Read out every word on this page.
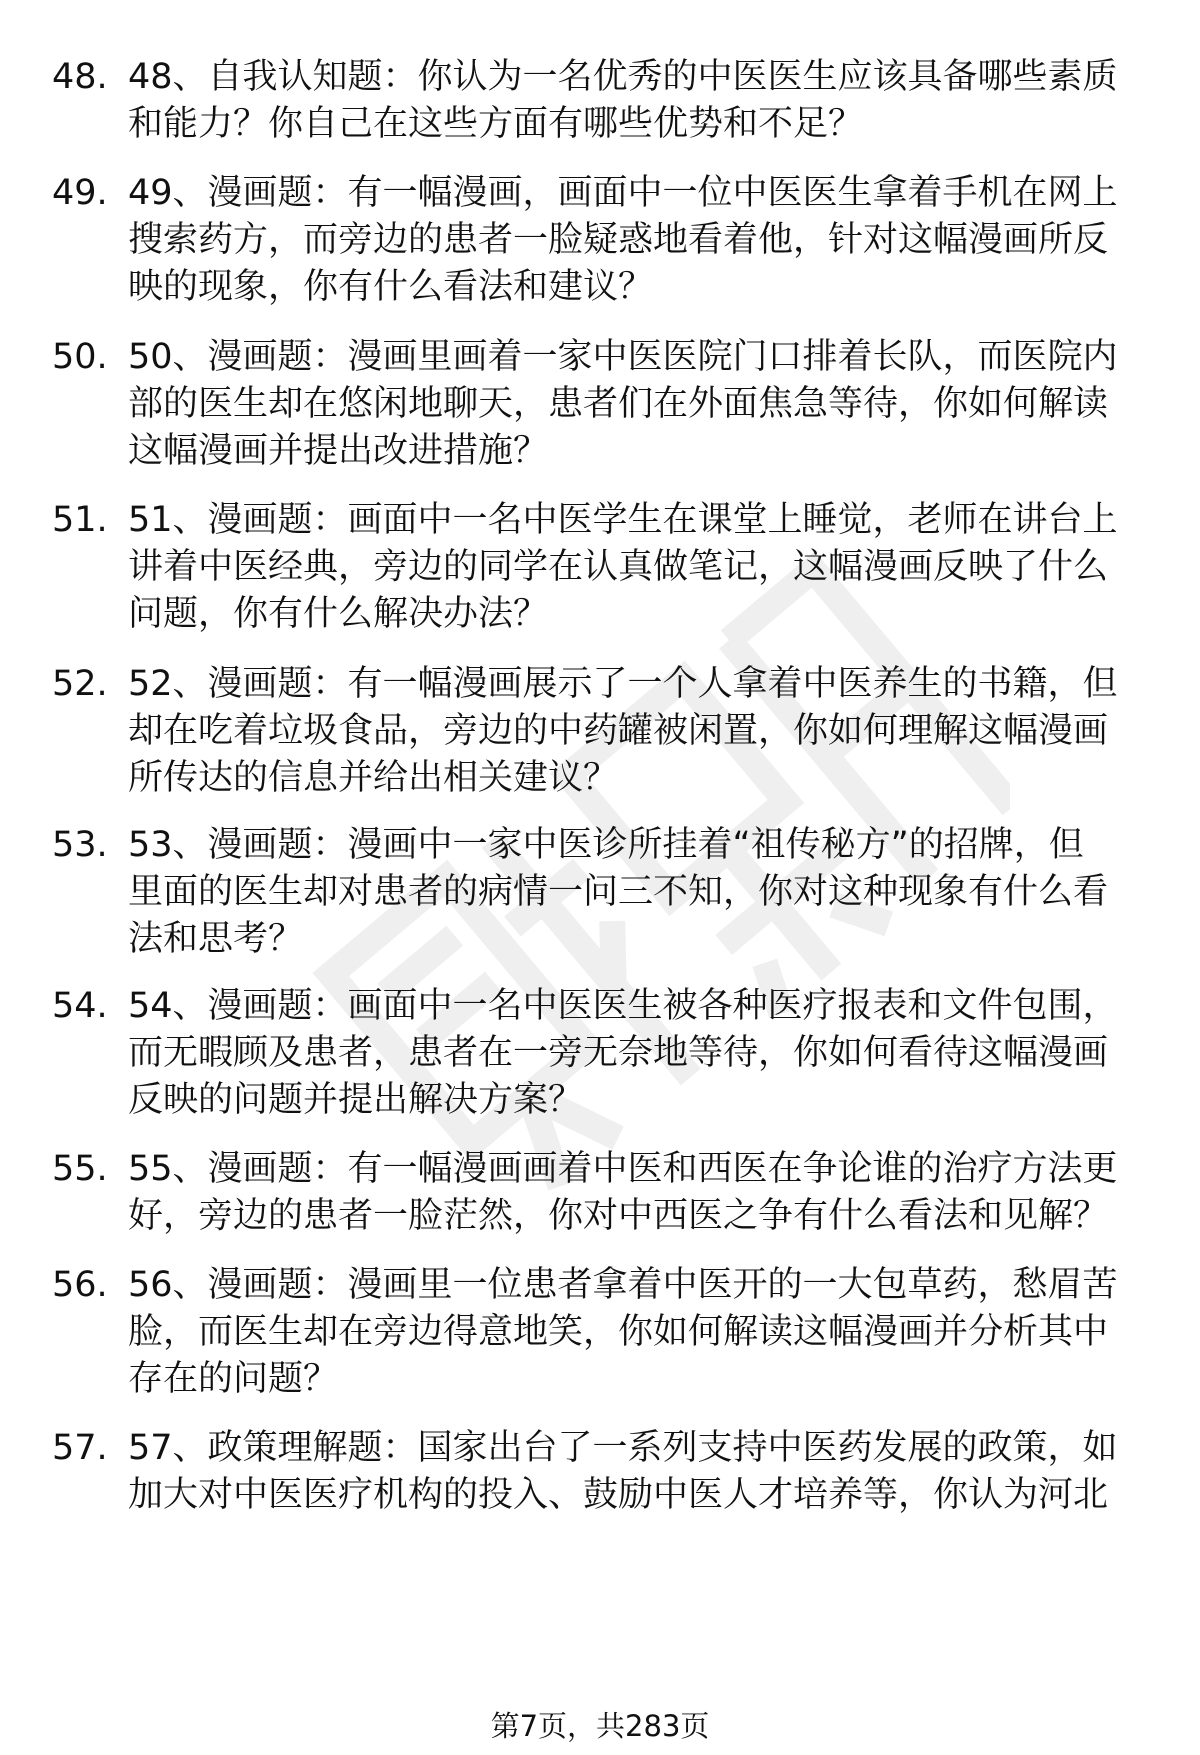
48. 48、自我认知题：你认为一名优秀的中医医生应该具备哪些素质
和能力？你自己在这些方面有哪些优势和不足？
49. 49、漫画题：有一幅漫画，画面中一位中医医生拿着手机在网上
搜索药方，而旁边的患者一脸疑惑地看着他，针对这幅漫画所反
映的现象，你有什么看法和建议？
50. 50、漫画题：漫画里画着一家中医医院门口排着长队，而医院内
部的医生却在悠闲地聊天，患者们在外面焦急等待，你如何解读
这幅漫画并提出改进措施？
51. 51、漫画题：画面中一名中医学生在课堂上睡觉，老师在讲台上
讲着中医经典，旁边的同学在认真做笔记，这幅漫画反映了什么
问题，你有什么解决办法？
52. 52、漫画题：有一幅漫画展示了一个人拿着中医养生的书籍，但
却在吃着垃圾食品，旁边的中药罐被闲置，你如何理解这幅漫画
所传达的信息并给出相关建议？
53. 53、漫画题：漫画中一家中医诊所挂着“祖传秘方”的招牌，但
里面的医生却对患者的病情一问三不知，你对这种现象有什么看
法和思考？
54. 54、漫画题：画面中一名中医医生被各种医疗报表和文件包围，
而无暇顾及患者，患者在一旁无奈地等待，你如何看待这幅漫画
反映的问题并提出解决方案？
55. 55、漫画题：有一幅漫画画着中医和西医在争论谁的治疗方法更
好，旁边的患者一脸茫然，你对中西医之争有什么看法和见解？
56. 56、漫画题：漫画里一位患者拿着中医开的一大包草药，愁眉苦
脸，而医生却在旁边得意地笑，你如何解读这幅漫画并分析其中
存在的问题？
57. 57、政策理解题：国家出台了一系列支持中医药发展的政策，如
加大对中医医疗机构的投入、鼓励中医人才培养等，你认为河北
第7页，共283页
